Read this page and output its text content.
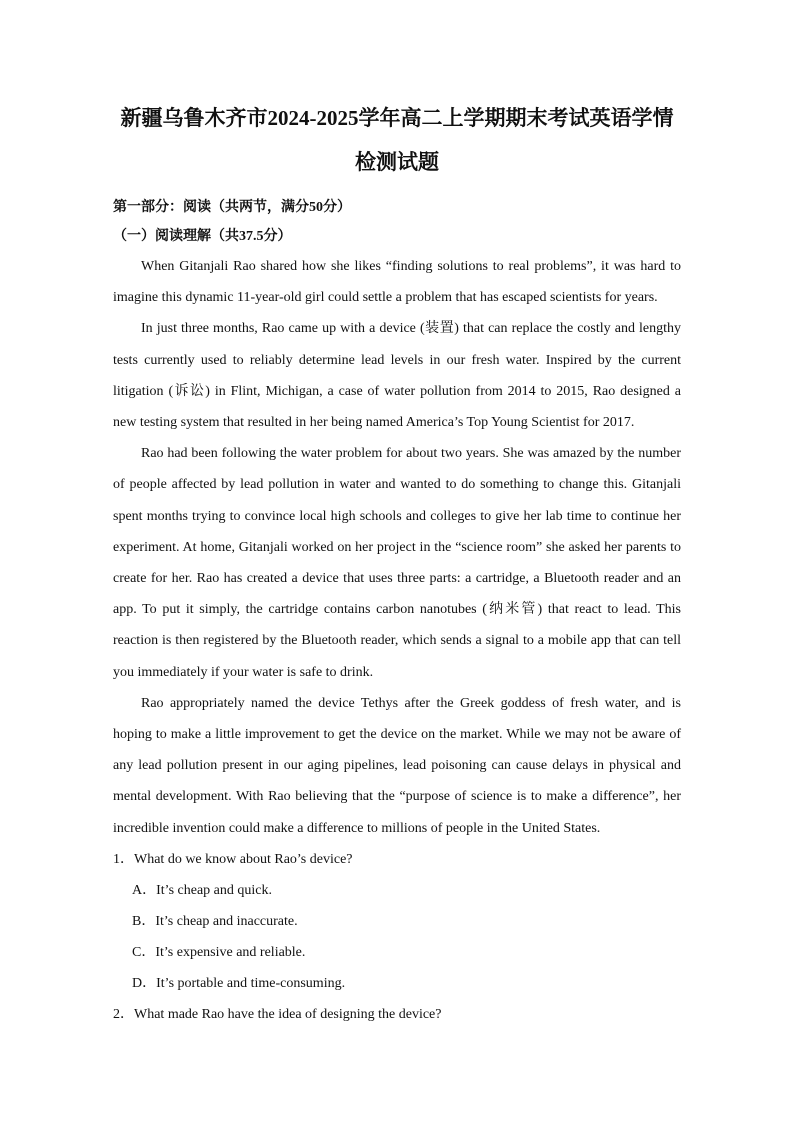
新疆乌鲁木齐市2024-2025学年高二上学期期末考试英语学情
检测试题

第一部分：阅读（共两节，满分50分）

（一）阅读理解（共37.5分）

When Gitanjali Rao shared how she likes “finding solutions to real problems”, it was hard to imagine this dynamic 11-year-old girl could settle a problem that has escaped scientists for years.

In just three months, Rao came up with a device (装置) that can replace the costly and lengthy tests currently used to reliably determine lead levels in our fresh water. Inspired by the current litigation (诉讼) in Flint, Michigan, a case of water pollution from 2014 to 2015, Rao designed a new testing system that resulted in her being named America’s Top Young Scientist for 2017.

Rao had been following the water problem for about two years. She was amazed by the number of people affected by lead pollution in water and wanted to do something to change this. Gitanjali spent months trying to convince local high schools and colleges to give her lab time to continue her experiment. At home, Gitanjali worked on her project in the “science room” she asked her parents to create for her. Rao has created a device that uses three parts: a cartridge, a Bluetooth reader and an app. To put it simply, the cartridge contains carbon nanotubes (纳米管) that react to lead. This reaction is then registered by the Bluetooth reader, which sends a signal to a mobile app that can tell you immediately if your water is safe to drink.

Rao appropriately named the device Tethys after the Greek goddess of fresh water, and is hoping to make a little improvement to get the device on the market. While we may not be aware of any lead pollution present in our aging pipelines, lead poisoning can cause delays in physical and mental development. With Rao believing that the “purpose of science is to make a difference”, her incredible invention could make a difference to millions of people in the United States.

1．What do we know about Rao’s device?

A．It’s cheap and quick.

B．It’s cheap and inaccurate.

C．It’s expensive and reliable.

D．It’s portable and time-consuming.

2．What made Rao have the idea of designing the device?
